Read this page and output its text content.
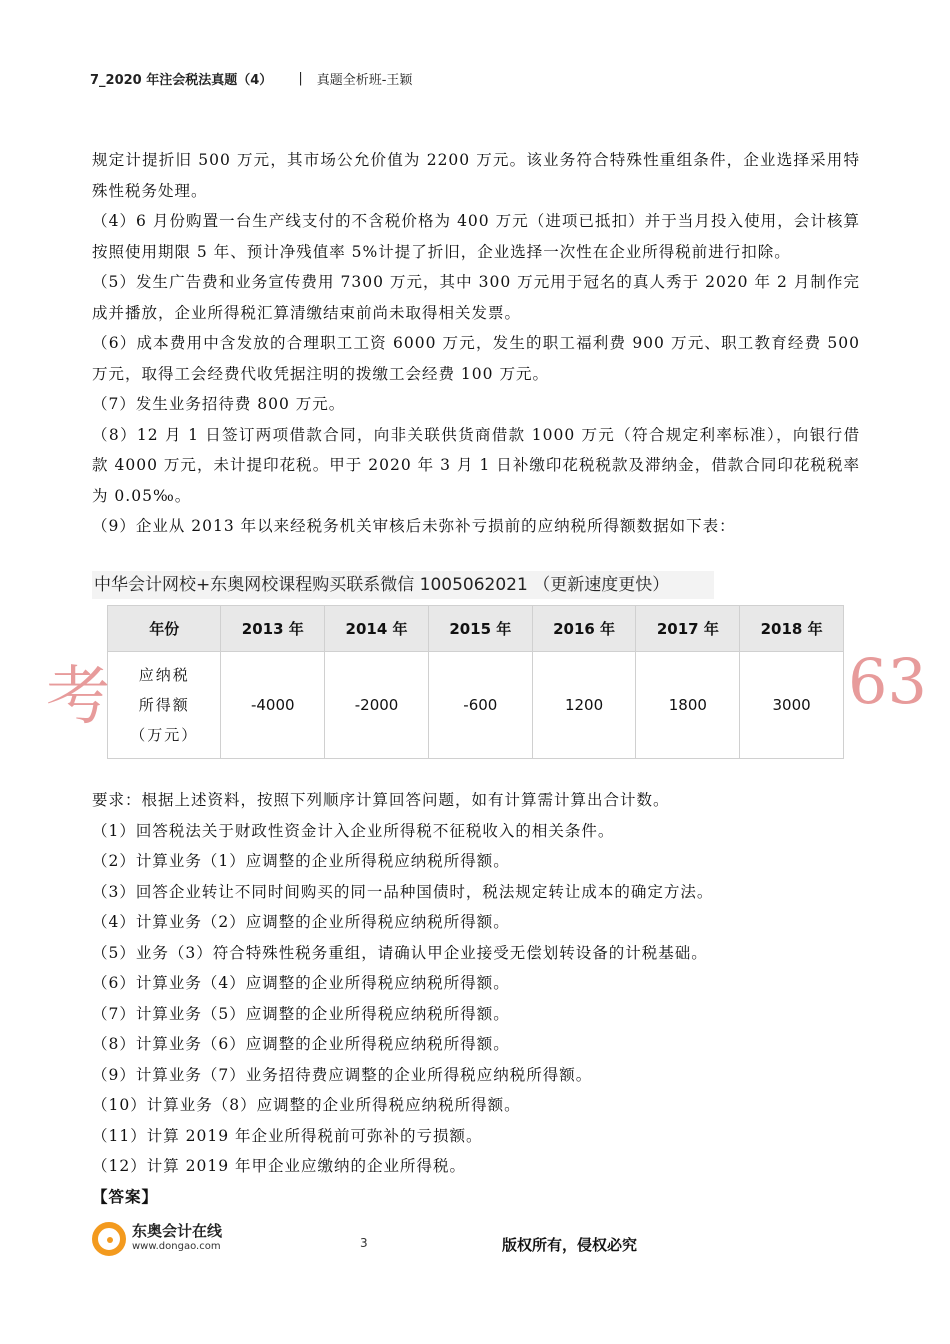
7_2020 年注会税法真题（4） | 真题全析班-王颖

规定计提折旧 500 万元，其市场公允价值为 2200 万元。该业务符合特殊性重组条件，企业选择采用特殊性税务处理。

（4）6 月份购置一台生产线支付的不含税价格为 400 万元（进项已抵扣）并于当月投入使用，会计核算按照使用期限 5 年、预计净残值率 5%计提了折旧，企业选择一次性在企业所得税前进行扣除。

（5）发生广告费和业务宣传费用 7300 万元，其中 300 万元用于冠名的真人秀于 2020 年 2 月制作完成并播放，企业所得税汇算清缴结束前尚未取得相关发票。

（6）成本费用中含发放的合理职工工资 6000 万元，发生的职工福利费 900 万元、职工教育经费 500 万元，取得工会经费代收凭据注明的拨缴工会经费 100 万元。

（7）发生业务招待费 800 万元。

（8）12 月 1 日签订两项借款合同，向非关联供货商借款 1000 万元（符合规定利率标准），向银行借款 4000 万元，未计提印花税。甲于 2020 年 3 月 1 日补缴印花税税款及滞纳金，借款合同印花税税率为 0.05‰。

（9）企业从 2013 年以来经税务机关审核后未弥补亏损前的应纳税所得额数据如下表：

中华会计网校+东奥网校课程购买联系微信 1005062021 （更新速度更快）
年份	2013 年	2014 年	2015 年	2016 年	2017 年	2018 年

应纳税
所得额
（万元）	-4000	-2000	-600	1200	1800	3000
考	63

要求：根据上述资料，按照下列顺序计算回答问题，如有计算需计算出合计数。

（1）回答税法关于财政性资金计入企业所得税不征税收入的相关条件。

（2）计算业务（1）应调整的企业所得税应纳税所得额。

（3）回答企业转让不同时间购买的同一品种国债时，税法规定转让成本的确定方法。

（4）计算业务（2）应调整的企业所得税应纳税所得额。

（5）业务（3）符合特殊性税务重组，请确认甲企业接受无偿划转设备的计税基础。

（6）计算业务（4）应调整的企业所得税应纳税所得额。

（7）计算业务（5）应调整的企业所得税应纳税所得额。

（8）计算业务（6）应调整的企业所得税应纳税所得额。

（9）计算业务（7）业务招待费应调整的企业所得税应纳税所得额。

（10）计算业务（8）应调整的企业所得税应纳税所得额。

（11）计算 2019 年企业所得税前可弥补的亏损额。

（12）计算 2019 年甲企业应缴纳的企业所得税。

【答案】

东奥会计在线
www.dongao.com	3	版权所有，侵权必究
